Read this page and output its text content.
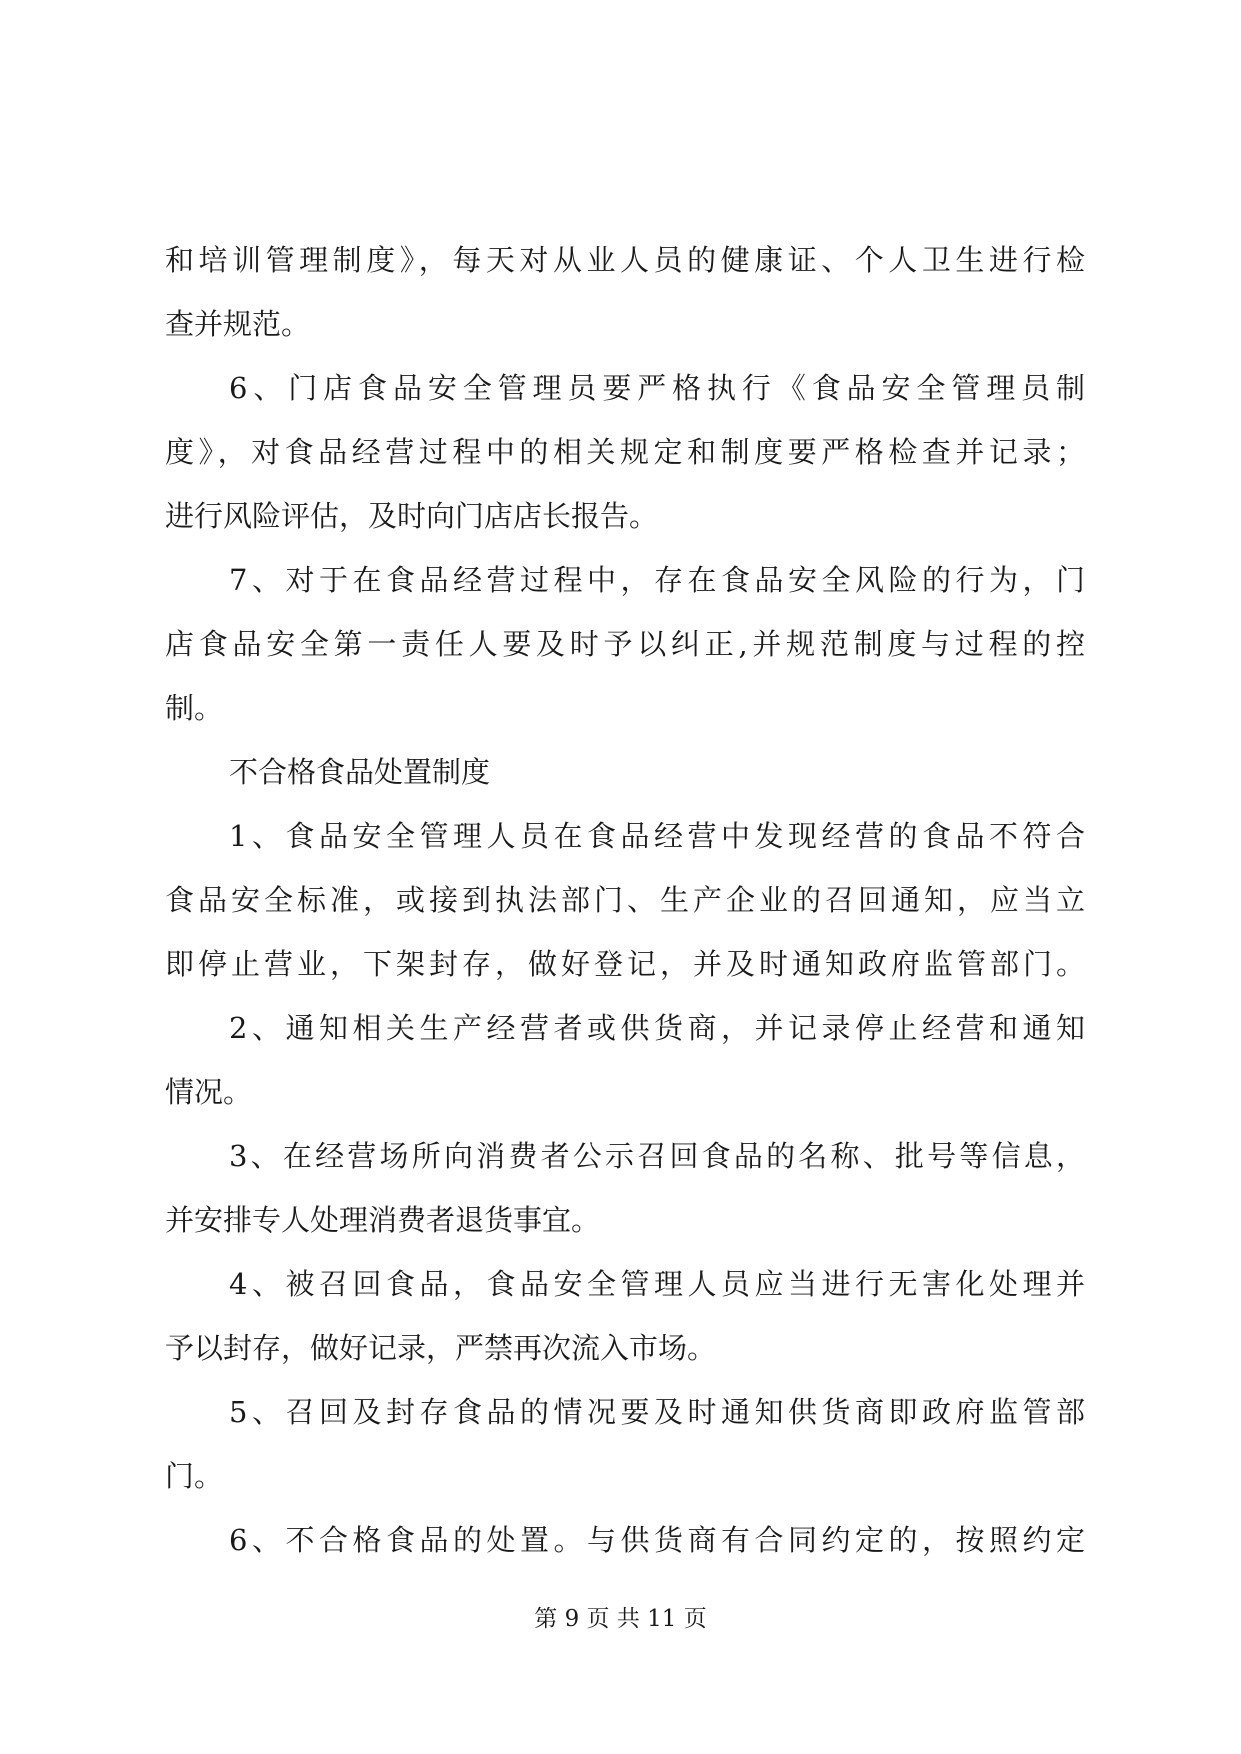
和培训管理制度》，每天对从业人员的健康证、个人卫生进行检
查并规范。
6、门店食品安全管理员要严格执行《食品安全管理员制
度》，对食品经营过程中的相关规定和制度要严格检查并记录；
进行风险评估，及时向门店店长报告。
7、对于在食品经营过程中，存在食品安全风险的行为，门
店食品安全第一责任人要及时予以纠正,并规范制度与过程的控
制。
不合格食品处置制度
1、食品安全管理人员在食品经营中发现经营的食品不符合
食品安全标准，或接到执法部门、生产企业的召回通知，应当立
即停止营业，下架封存，做好登记，并及时通知政府监管部门。
2、通知相关生产经营者或供货商，并记录停止经营和通知
情况。
3、在经营场所向消费者公示召回食品的名称、批号等信息，
并安排专人处理消费者退货事宜。
4、被召回食品，食品安全管理人员应当进行无害化处理并
予以封存，做好记录，严禁再次流入市场。
5、召回及封存食品的情况要及时通知供货商即政府监管部
门。
6、不合格食品的处置。与供货商有合同约定的，按照约定
第 9 页 共 11 页
